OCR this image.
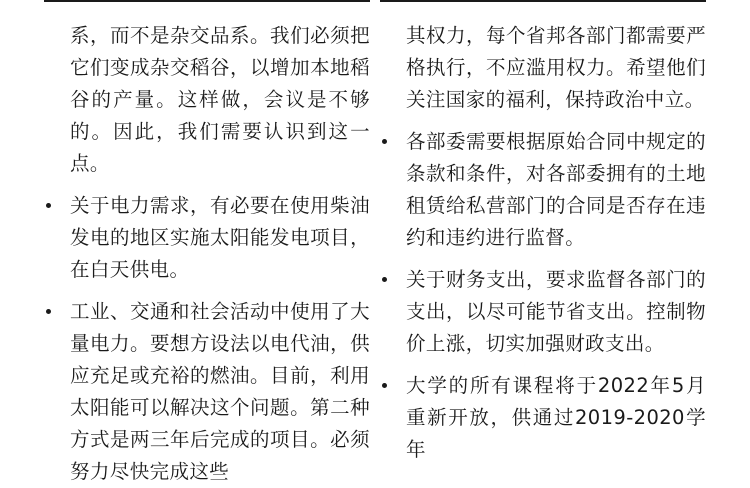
系，而不是杂交品系。我们必须把它们变成杂交稻谷，以增加本地稻谷的产量。这样做，会议是不够的。因此，我们需要认识到这一点。

关于电力需求，有必要在使用柴油发电的地区实施太阳能发电项目，在白天供电。

工业、交通和社会活动中使用了大量电力。要想方设法以电代油，供应充足或充裕的燃油。目前，利用太阳能可以解决这个问题。第二种方式是两三年后完成的项目。必须努力尽快完成这些

其权力，每个省邦各部门都需要严格执行，不应滥用权力。希望他们关注国家的福利，保持政治中立。

各部委需要根据原始合同中规定的条款和条件，对各部委拥有的土地租赁给私营部门的合同是否存在违约和违约进行监督。

关于财务支出，要求监督各部门的支出，以尽可能节省支出。控制物价上涨，切实加强财政支出。

大学的所有课程将于2022年5月重新开放，供通过2019-2020学年
